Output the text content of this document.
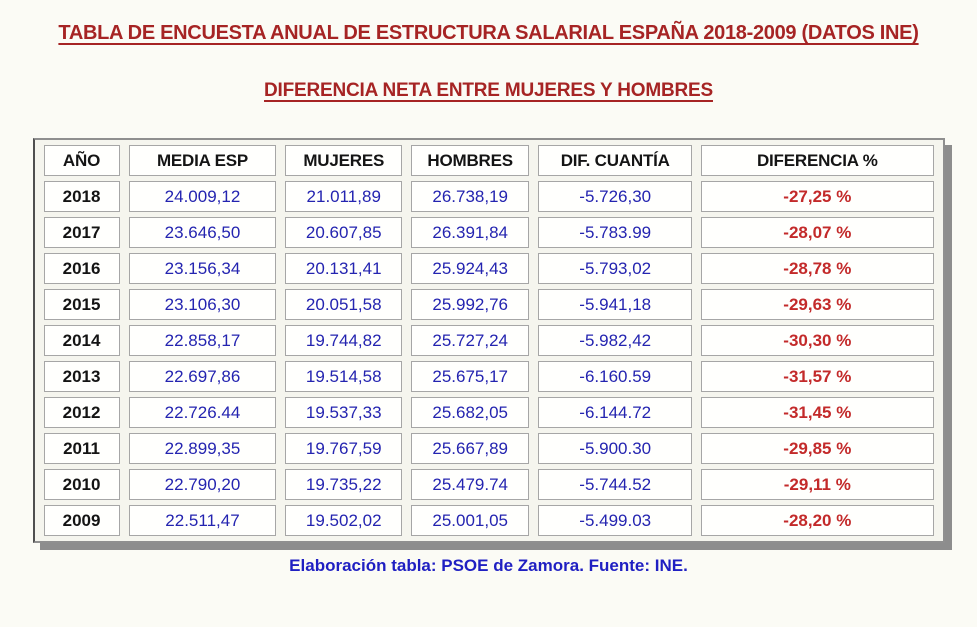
TABLA DE ENCUESTA ANUAL DE ESTRUCTURA SALARIAL ESPAÑA 2018-2009 (DATOS INE)
DIFERENCIA NETA ENTRE MUJERES Y HOMBRES
AÑO	MEDIA ESP	MUJERES	HOMBRES	DIF. CUANTÍA	DIFERENCIA %
2018	24.009,12	21.011,89	26.738,19	-5.726,30	-27,25 %
2017	23.646,50	20.607,85	26.391,84	-5.783.99	-28,07 %
2016	23.156,34	20.131,41	25.924,43	-5.793,02	-28,78 %
2015	23.106,30	20.051,58	25.992,76	-5.941,18	-29,63 %
2014	22.858,17	19.744,82	25.727,24	-5.982,42	-30,30 %
2013	22.697,86	19.514,58	25.675,17	-6.160.59	-31,57 %
2012	22.726.44	19.537,33	25.682,05	-6.144.72	-31,45 %
2011	22.899,35	19.767,59	25.667,89	-5.900.30	-29,85 %
2010	22.790,20	19.735,22	25.479.74	-5.744.52	-29,11 %
2009	22.511,47	19.502,02	25.001,05	-5.499.03	-28,20 %

Elaboración tabla: PSOE de Zamora. Fuente: INE.
